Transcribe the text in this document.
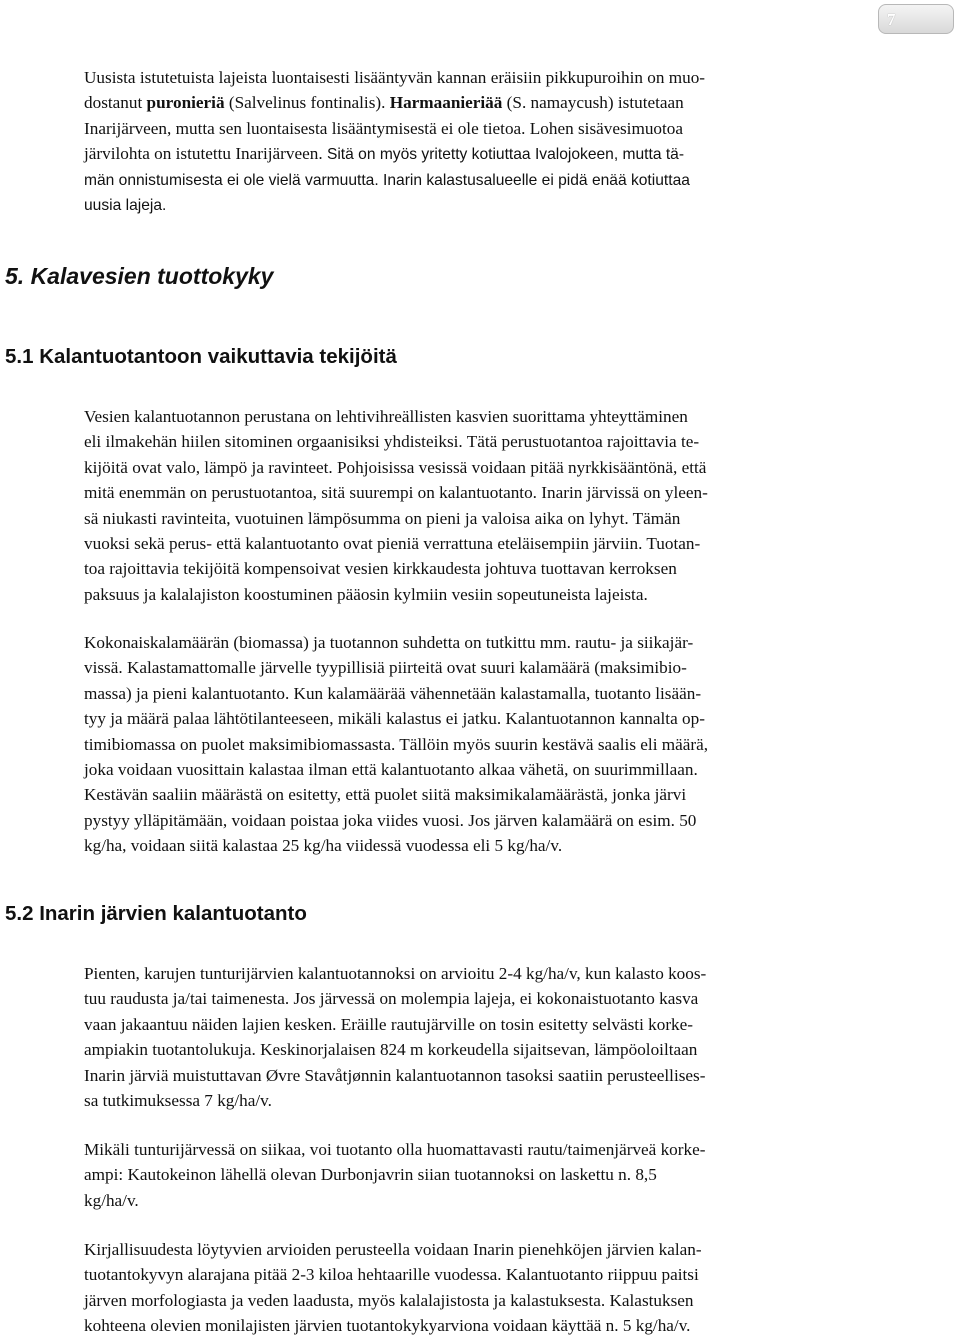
7
Uusista istutetuista lajeista luontaisesti lisääntyvän kannan eräisiin pikkupuroihin on muo-
dostanut puronieriä (Salvelinus fontinalis). Harmaanieriää (S. namaycush) istutetaan
Inarijärveen, mutta sen luontaisesta lisääntymisestä ei ole tietoa. Lohen sisävesimuotoa
järvilohta on istutettu Inarijärveen. Sitä on myös yritetty kotiuttaa Ivalojokeen, mutta tä-
män onnistumisesta ei ole vielä varmuutta. Inarin kalastusalueelle ei pidä enää kotiuttaa
uusia lajeja.
5. Kalavesien tuottokyky
5.1 Kalantuotantoon vaikuttavia tekijöitä
Vesien kalantuotannon perustana on lehtivihreällisten kasvien suorittama yhteyttäminen
eli ilmakehän hiilen sitominen orgaanisiksi yhdisteiksi. Tätä perustuotantoa rajoittavia te-
kijöitä ovat valo, lämpö ja ravinteet. Pohjoisissa vesissä voidaan pitää nyrkkisääntönä, että
mitä enemmän on perustuotantoa, sitä suurempi on kalantuotanto. Inarin järvissä on yleen-
sä niukasti ravinteita, vuotuinen lämpösumma on pieni ja valoisa aika on lyhyt. Tämän
vuoksi sekä perus- että kalantuotanto ovat pieniä verrattuna eteläisempiin järviin. Tuotan-
toa rajoittavia tekijöitä kompensoivat vesien kirkkaudesta johtuva tuottavan kerroksen
paksuus ja kalalajiston koostuminen pääosin kylmiin vesiin sopeutuneista lajeista.
Kokonaiskalamäärän (biomassa) ja tuotannon suhdetta on tutkittu mm. rautu- ja siikajär-
vissä. Kalastamattomalle järvelle tyypillisiä piirteitä ovat suuri kalamäärä (maksimibio-
massa) ja pieni kalantuotanto. Kun kalamäärää vähennetään kalastamalla, tuotanto lisään-
tyy ja määrä palaa lähtötilanteeseen, mikäli kalastus ei jatku. Kalantuotannon kannalta op-
timibiomassa on puolet maksimibiomassasta. Tällöin myös suurin kestävä saalis eli määrä,
joka voidaan vuosittain kalastaa ilman että kalantuotanto alkaa vähetä, on suurimmillaan.
Kestävän saaliin määrästä on esitetty, että puolet siitä maksimikalamäärästä, jonka järvi
pystyy ylläpitämään, voidaan poistaa joka viides vuosi. Jos järven kalamäärä on esim. 50
kg/ha, voidaan siitä kalastaa 25 kg/ha viidessä vuodessa eli 5 kg/ha/v.
5.2 Inarin järvien kalantuotanto
Pienten, karujen tunturijärvien kalantuotannoksi on arvioitu 2-4 kg/ha/v, kun kalasto koos-
tuu raudusta ja/tai taimenesta. Jos järvessä on molempia lajeja, ei kokonaistuotanto kasva
vaan jakaantuu näiden lajien kesken. Eräille rautujärville on tosin esitetty selvästi korke-
ampiakin tuotantolukuja. Keskinorjalaisen 824 m korkeudella sijaitsevan, lämpöoloiltaan
Inarin järviä muistuttavan Øvre Stavåtjønnin kalantuotannon tasoksi saatiin perusteellises-
sa tutkimuksessa 7 kg/ha/v.
Mikäli tunturijärvessä on siikaa, voi tuotanto olla huomattavasti rautu/taimenjärveä korke-
ampi: Kautokeinon lähellä olevan Durbonjavrin siian tuotannoksi on laskettu n. 8,5
kg/ha/v.
Kirjallisuudesta löytyvien arvioiden perusteella voidaan Inarin pienehköjen järvien kalan-
tuotantokyvyn alarajana pitää 2-3 kiloa hehtaarille vuodessa. Kalantuotanto riippuu paitsi
järven morfologiasta ja veden laadusta, myös kalalajistosta ja kalastuksesta. Kalastuksen
kohteena olevien monilajisten järvien tuotantokykyarviona voidaan käyttää n. 5 kg/ha/v.
